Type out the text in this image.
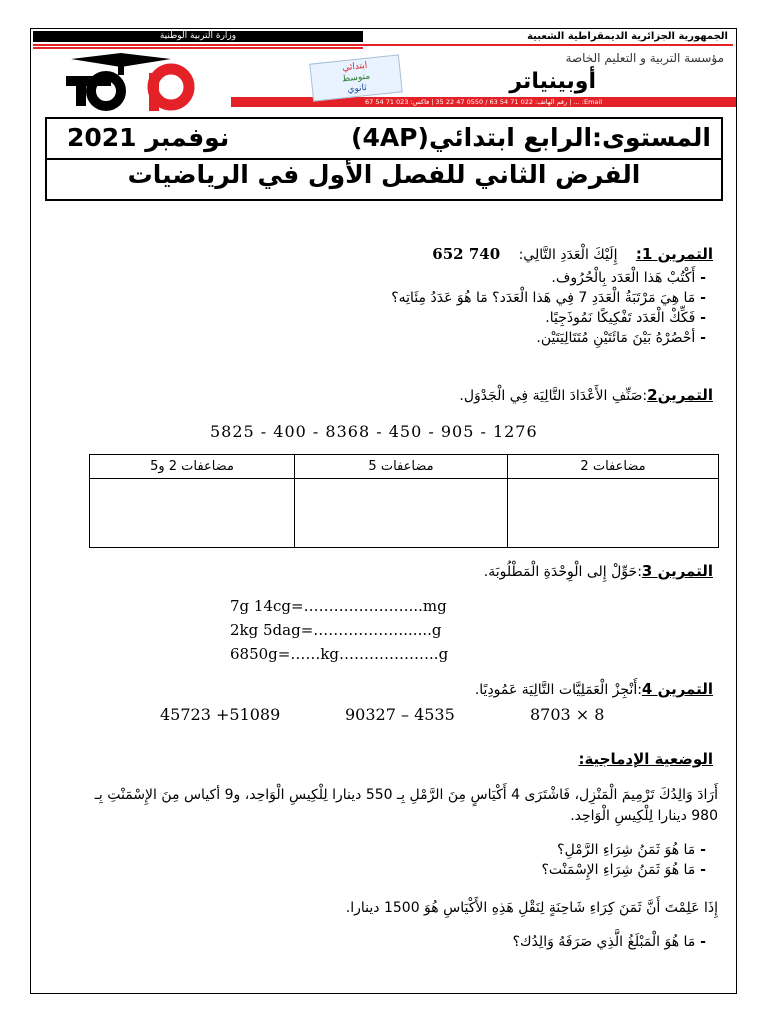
وزارة التربية الوطنية	الجمهورية الجزائرية الديمقراطية الشعبية
مؤسسة التربية و التعليم الخاصة
أوبينياتر
Email: ... | رقم الهاتف: 022 71 54 63 / 0550 47 22 35 | فاكس: 023 71 54 67
ابتدائي
متوسط
ثانوي
المستوى:الرابع ابتدائي(4AP)
نوفمبر 2021
الفرض الثاني للفصل الأول في الرياضيات
التمرين 1: إِلَيْكَ الْعَدَدِ التَّالِي: 740 652
- أَكْتُبْ هَذا الْعَدَد بِالْحُرُوف.
- مَا هِيَ مَرْتَبَةُ الْعَدَدِ 7 فِي هَذا الْعَدَد؟ مَا هُوَ عَدَدُ مِئَاتِه؟
- فَكِّكْ الْعَدَد تَفْكِيكًا نَمُوذَجِيًا.
- أحْصُرْهُ بَيْنَ مَائَتَيْنِ مُتَتَالِيَتَيْن.
التمرين2:صَنِّفِ الأَعْدَادَ التَّالِيَة فِي الْجَدْوَل.
5825 - 400 - 8368 - 450 - 905 - 1276
مضاعفات 2	مضاعفات 5	مضاعفات 2 و5

التمرين 3:حَوِّلْ إِلى الْوِحْدَةِ الْمَطْلُوبَة.
7g 14cg=…………………...mg
2kg 5dag=………………......g
6850g=……kg………………..g
التمرين 4:أَنْجِزْ الْعَمَلِيَّات التَّالِيَة عَمُودِيًا.
45723 +51089	90327 – 4535	8703 × 8
الوضعية الإدماجية:
أَرَادَ وَالِدُكَ تَرْمِيمَ الْمَنْزِل، فَاشْتَرَى 4 أَكْيَاسٍ مِنَ الرَّمْلِ بِـ 550 دينارا لِلْكِيسِ الْوَاحِد، و9 أكياس مِنَ الإِسْمَنْتِ بِـ 980 دينارا لِلْكِيسِ الْوَاحِد.
- مَا هُوَ ثَمَنُ شِرَاءِ الرَّمْلِ؟
- مَا هُوَ ثَمَنُ شِرَاءِ الإِسْمَنْت؟
إِذَا عَلِمْتَ أَنَّ ثَمَنَ كِرَاءِ شَاحِنَةٍ لِنَقْلِ هَذِهِ الأَكْيَاسِ هُوَ 1500 دينارا.
- مَا هُوَ الْمَبْلَغُ الَّذِي صَرَفَهُ وَالِدُك؟
